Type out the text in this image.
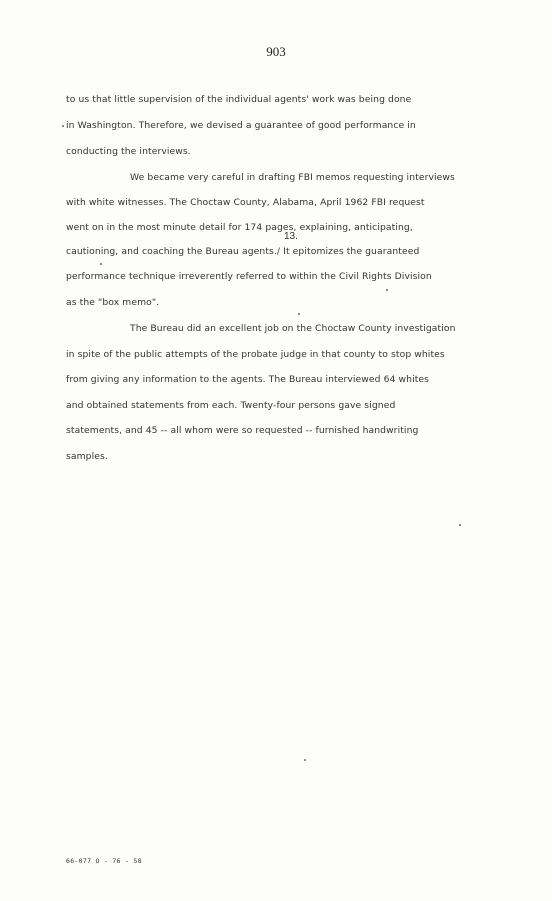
903
to us that little supervision of the individual agents' work was being done
in Washington. Therefore, we devised a guarantee of good performance in
conducting the interviews.
We became very careful in drafting FBI memos requesting interviews
with white witnesses. The Choctaw County, Alabama, April 1962 FBI request
went on in the most minute detail for 174 pages, explaining, anticipating,
13.
cautioning, and coaching the Bureau agents./ It epitomizes the guaranteed
performance technique irreverently referred to within the Civil Rights Division
as the "box memo".
The Bureau did an excellent job on the Choctaw County investigation
in spite of the public attempts of the probate judge in that county to stop whites
from giving any information to the agents. The Bureau interviewed 64 whites
and obtained statements from each. Twenty-four persons gave signed
statements, and 45 -- all whom were so requested -- furnished handwriting
samples.
66-077 O - 76 - 58
